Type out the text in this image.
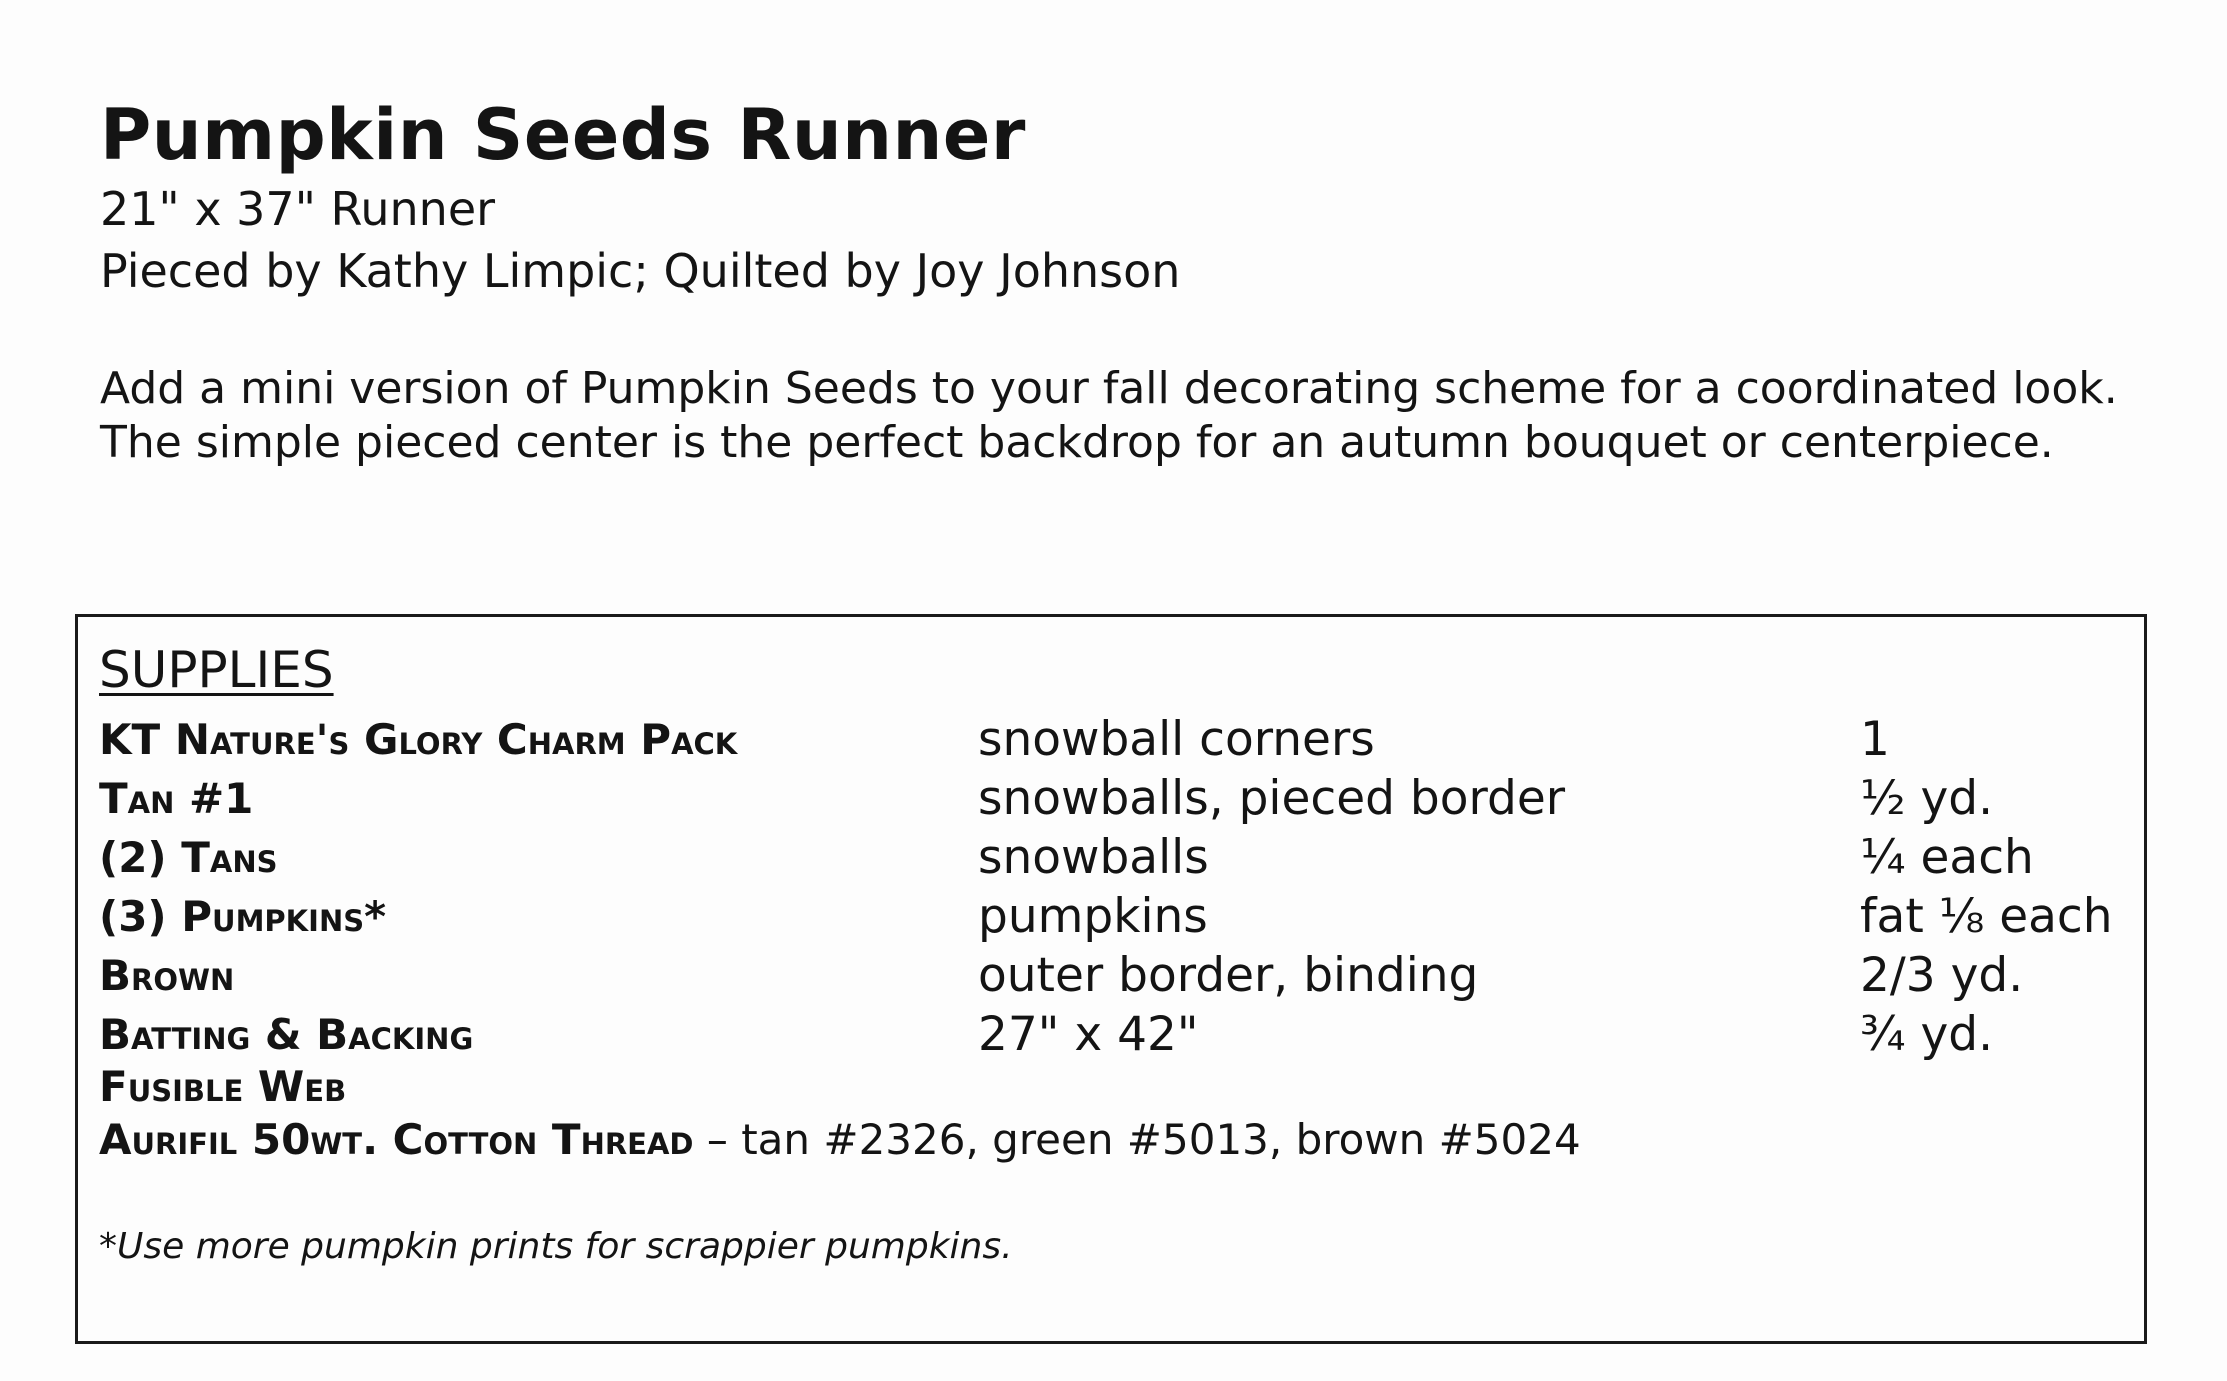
Pumpkin Seeds Runner
21" x 37" Runner
Pieced by Kathy Limpic; Quilted by Joy Johnson
Add a mini version of Pumpkin Seeds to your fall decorating scheme for a coordinated look. The simple pieced center is the perfect backdrop for an autumn bouquet or centerpiece.
SUPPLIES
KT Nature's Glory Charm Pack	snowball corners	1
Tan #1	snowballs, pieced border	½ yd.
(2) Tans	snowballs	¼ each
(3) Pumpkins*	pumpkins	fat ⅛ each
Brown	outer border, binding	2/3 yd.
Batting & Backing	27" x 42"	¾ yd.
Fusible Web
Aurifil 50wt. Cotton Thread – tan #2326, green #5013, brown #5024
*Use more pumpkin prints for scrappier pumpkins.
